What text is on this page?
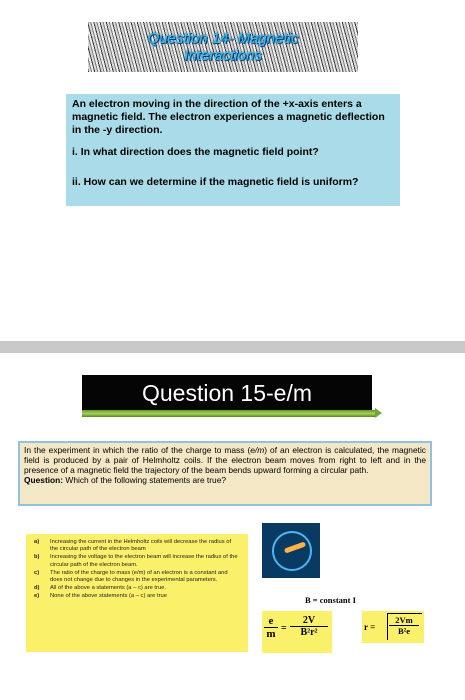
Question 14- Magnetic
Interactions

An electron moving in the direction of the +x-axis enters a magnetic field. The electron experiences a magnetic deflection in the -y direction.

i. In what direction does the magnetic field point?

ii. How can we determine if the magnetic field is uniform?

Question 15-e/m
In the experiment in which the ratio of the charge to mass (e/m) of an electron is calculated, the magnetic field is produced by a pair of Helmholtz coils. If the electron beam moves from right to left and in the presence of a magnetic field the trajectory of the beam bends upward forming a circular path.
Question: Which of the following statements are true?
a)	Increasing the current in the Helmholtz coils will decrease the radius of the circular path of the electron beam
b)	Increasing the voltage to the electron beam will increase the radius of the circular path of the electron beam.
c)	The ratio of the charge to mass (e/m) of an electron is a constant and does not change due to changes in the experimental parameters.
d)	All of the above a statements (a – c) are true.
e)	None of the above statements (a – c) are true	B = constant I
$\frac{e}{m} = \frac{2V}{\text{B²r²}}$	$r = \frac{2Vm}{\text{B²e}}$
